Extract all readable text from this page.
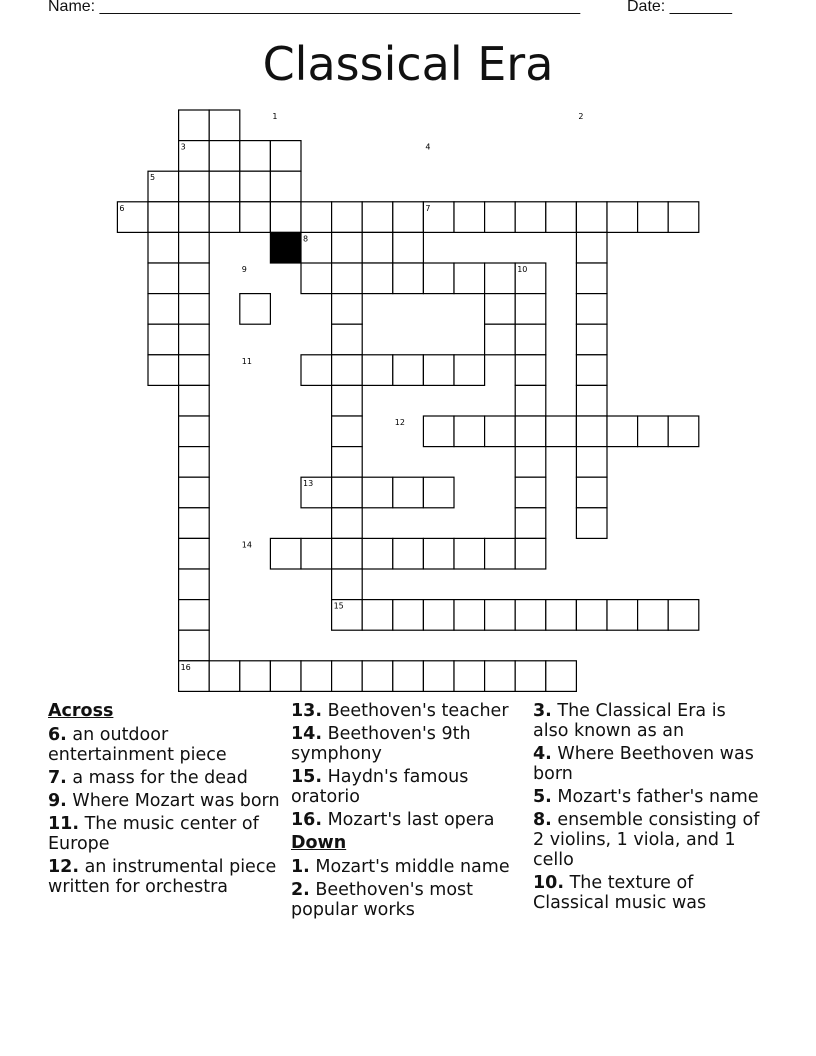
Name: ______________________________________________________	Date: _______
Classical Era
1	2
3	4
5
6	7
8
9	10
11
12
13
14
15
16
Across
6. an outdoor entertainment piece
7. a mass for the dead
9. Where Mozart was born
11. The music center of Europe
12. an instrumental piece written for orchestra
13. Beethoven's teacher
14. Beethoven's 9th symphony
15. Haydn's famous oratorio
16. Mozart's last opera
Down
1. Mozart's middle name
2. Beethoven's most popular works
3. The Classical Era is also known as an
4. Where Beethoven was born
5. Mozart's father's name
8. ensemble consisting of 2 violins, 1 viola, and 1 cello
10. The texture of Classical music was
